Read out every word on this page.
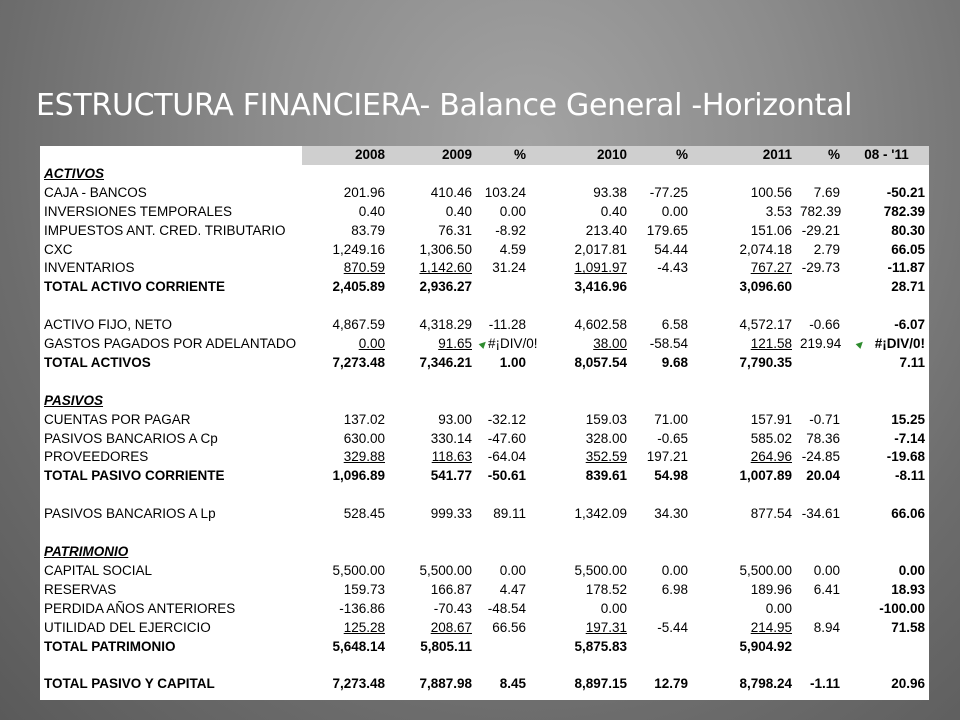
ESTRUCTURA FINANCIERA- Balance General -Horizontal
	2008	2009	%	2010	%	2011	%	08 - '11
ACTIVOS								
CAJA - BANCOS	201.96	410.46	103.24	93.38	-77.25	100.56	7.69	-50.21
INVERSIONES TEMPORALES	0.40	0.40	0.00	0.40	0.00	3.53	782.39	782.39
IMPUESTOS ANT. CRED. TRIBUTARIO	83.79	76.31	-8.92	213.40	179.65	151.06	-29.21	80.30
CXC	1,249.16	1,306.50	4.59	2,017.81	54.44	2,074.18	2.79	66.05
INVENTARIOS	870.59	1,142.60	31.24	1,091.97	-4.43	767.27	-29.73	-11.87
TOTAL ACTIVO CORRIENTE	2,405.89	2,936.27		3,416.96		3,096.60		28.71

ACTIVO FIJO, NETO	4,867.59	4,318.29	-11.28	4,602.58	6.58	4,572.17	-0.66	-6.07
GASTOS PAGADOS POR ADELANTADO	0.00	91.65	▾#¡DIV/0!	38.00	-58.54	121.58	219.94	▾ #¡DIV/0!
TOTAL ACTIVOS	7,273.48	7,346.21	1.00	8,057.54	9.68	7,790.35		7.11

PASIVOS								
CUENTAS POR PAGAR	137.02	93.00	-32.12	159.03	71.00	157.91	-0.71	15.25
PASIVOS BANCARIOS A Cp	630.00	330.14	-47.60	328.00	-0.65	585.02	78.36	-7.14
PROVEEDORES	329.88	118.63	-64.04	352.59	197.21	264.96	-24.85	-19.68
TOTAL PASIVO CORRIENTE	1,096.89	541.77	-50.61	839.61	54.98	1,007.89	20.04	-8.11

PASIVOS BANCARIOS A Lp	528.45	999.33	89.11	1,342.09	34.30	877.54	-34.61	66.06

PATRIMONIO								
CAPITAL SOCIAL	5,500.00	5,500.00	0.00	5,500.00	0.00	5,500.00	0.00	0.00
RESERVAS	159.73	166.87	4.47	178.52	6.98	189.96	6.41	18.93
PERDIDA AÑOS ANTERIORES	-136.86	-70.43	-48.54	0.00		0.00		-100.00
UTILIDAD DEL EJERCICIO	125.28	208.67	66.56	197.31	-5.44	214.95	8.94	71.58
TOTAL PATRIMONIO	5,648.14	5,805.11		5,875.83		5,904.92		

TOTAL PASIVO Y CAPITAL	7,273.48	7,887.98	8.45	8,897.15	12.79	8,798.24	-1.11	20.96
